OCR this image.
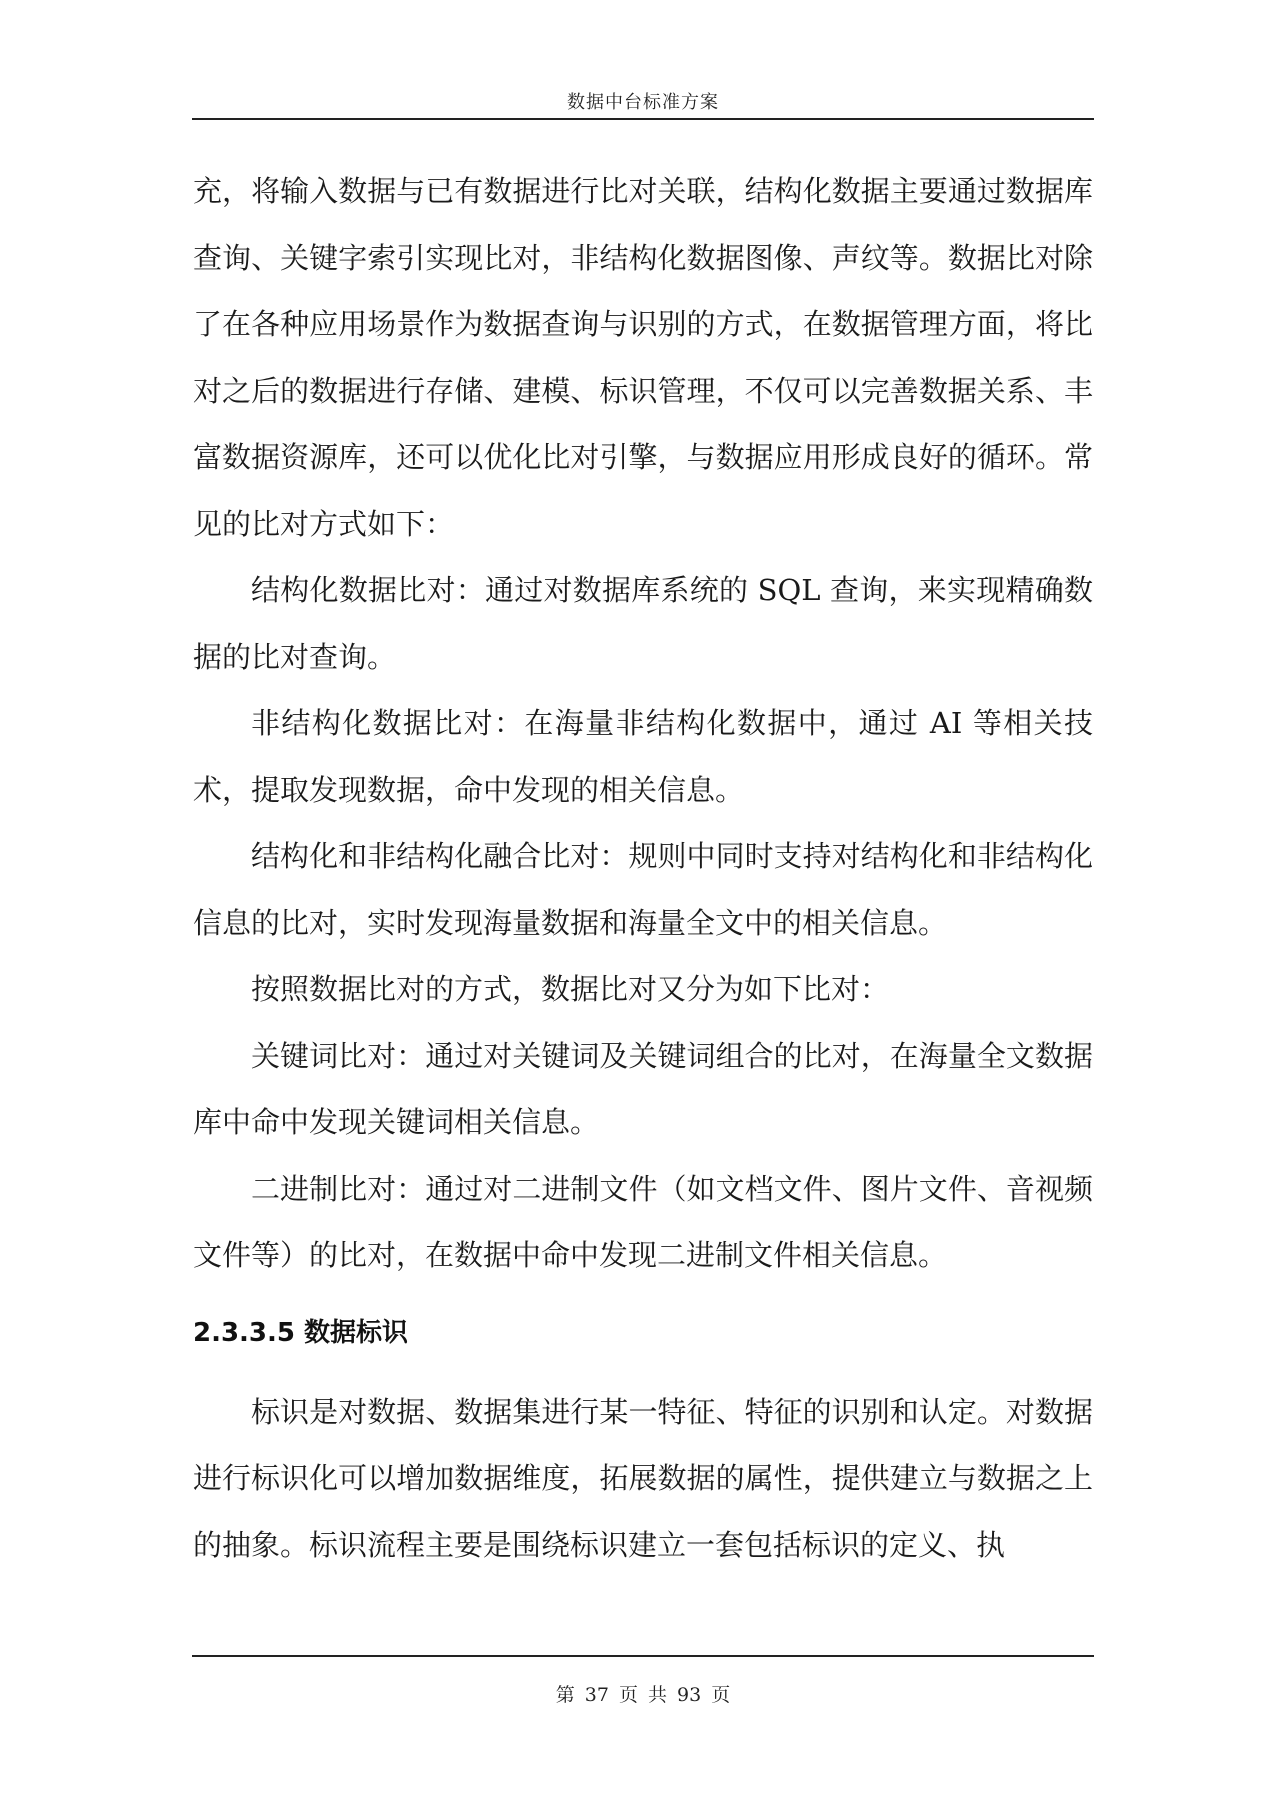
数据中台标准方案

充，将输入数据与已有数据进行比对关联，结构化数据主要通过数据库查询、关键字索引实现比对，非结构化数据图像、声纹等。数据比对除了在各种应用场景作为数据查询与识别的方式，在数据管理方面，将比对之后的数据进行存储、建模、标识管理，不仅可以完善数据关系、丰富数据资源库，还可以优化比对引擎，与数据应用形成良好的循环。常见的比对方式如下：

结构化数据比对：通过对数据库系统的 SQL 查询，来实现精确数据的比对查询。

非结构化数据比对：在海量非结构化数据中，通过 AI 等相关技术，提取发现数据，命中发现的相关信息。

结构化和非结构化融合比对：规则中同时支持对结构化和非结构化信息的比对，实时发现海量数据和海量全文中的相关信息。

按照数据比对的方式，数据比对又分为如下比对：

关键词比对：通过对关键词及关键词组合的比对，在海量全文数据库中命中发现关键词相关信息。

二进制比对：通过对二进制文件（如文档文件、图片文件、音视频文件等）的比对，在数据中命中发现二进制文件相关信息。

2.3.3.5 数据标识

标识是对数据、数据集进行某一特征、特征的识别和认定。对数据进行标识化可以增加数据维度，拓展数据的属性，提供建立与数据之上的抽象。标识流程主要是围绕标识建立一套包括标识的定义、执

第 37 页 共 93 页
